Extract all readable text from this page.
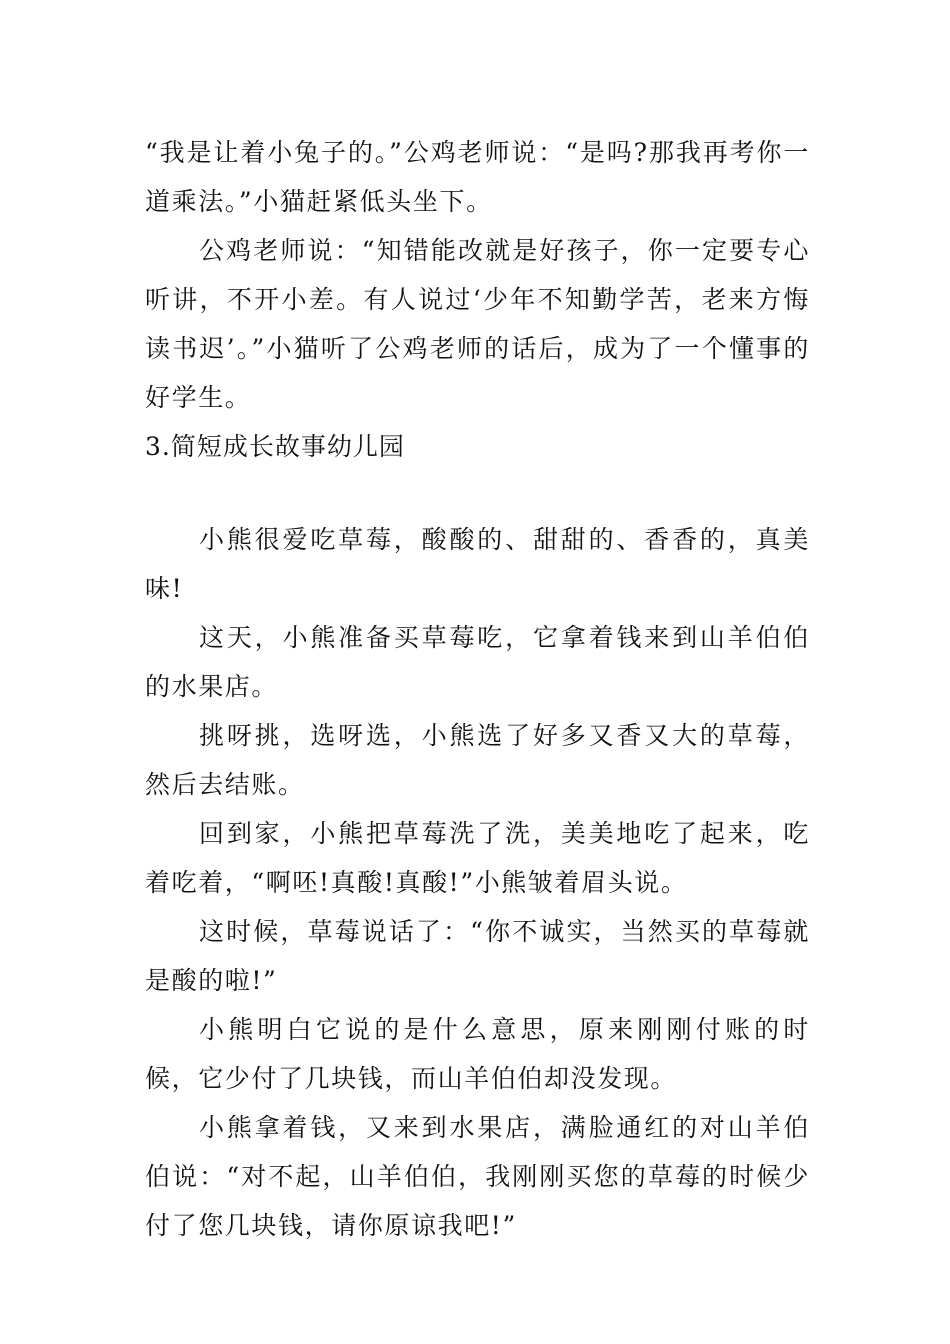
“我是让着小兔子的。”公鸡老师说：“是吗?那我再考你一道乘法。”小猫赶紧低头坐下。

公鸡老师说：“知错能改就是好孩子，你一定要专心听讲，不开小差。有人说过‘少年不知勤学苦，老来方悔读书迟’。”小猫听了公鸡老师的话后，成为了一个懂事的好学生。

3.简短成长故事幼儿园

小熊很爱吃草莓，酸酸的、甜甜的、香香的，真美味!

这天，小熊准备买草莓吃，它拿着钱来到山羊伯伯的水果店。

挑呀挑，选呀选，小熊选了好多又香又大的草莓，然后去结账。

回到家，小熊把草莓洗了洗，美美地吃了起来，吃着吃着，“啊呸!真酸!真酸!”小熊皱着眉头说。

这时候，草莓说话了：“你不诚实，当然买的草莓就是酸的啦!”

小熊明白它说的是什么意思，原来刚刚付账的时候，它少付了几块钱，而山羊伯伯却没发现。

小熊拿着钱，又来到水果店，满脸通红的对山羊伯伯说：“对不起，山羊伯伯，我刚刚买您的草莓的时候少付了您几块钱，请你原谅我吧!”
